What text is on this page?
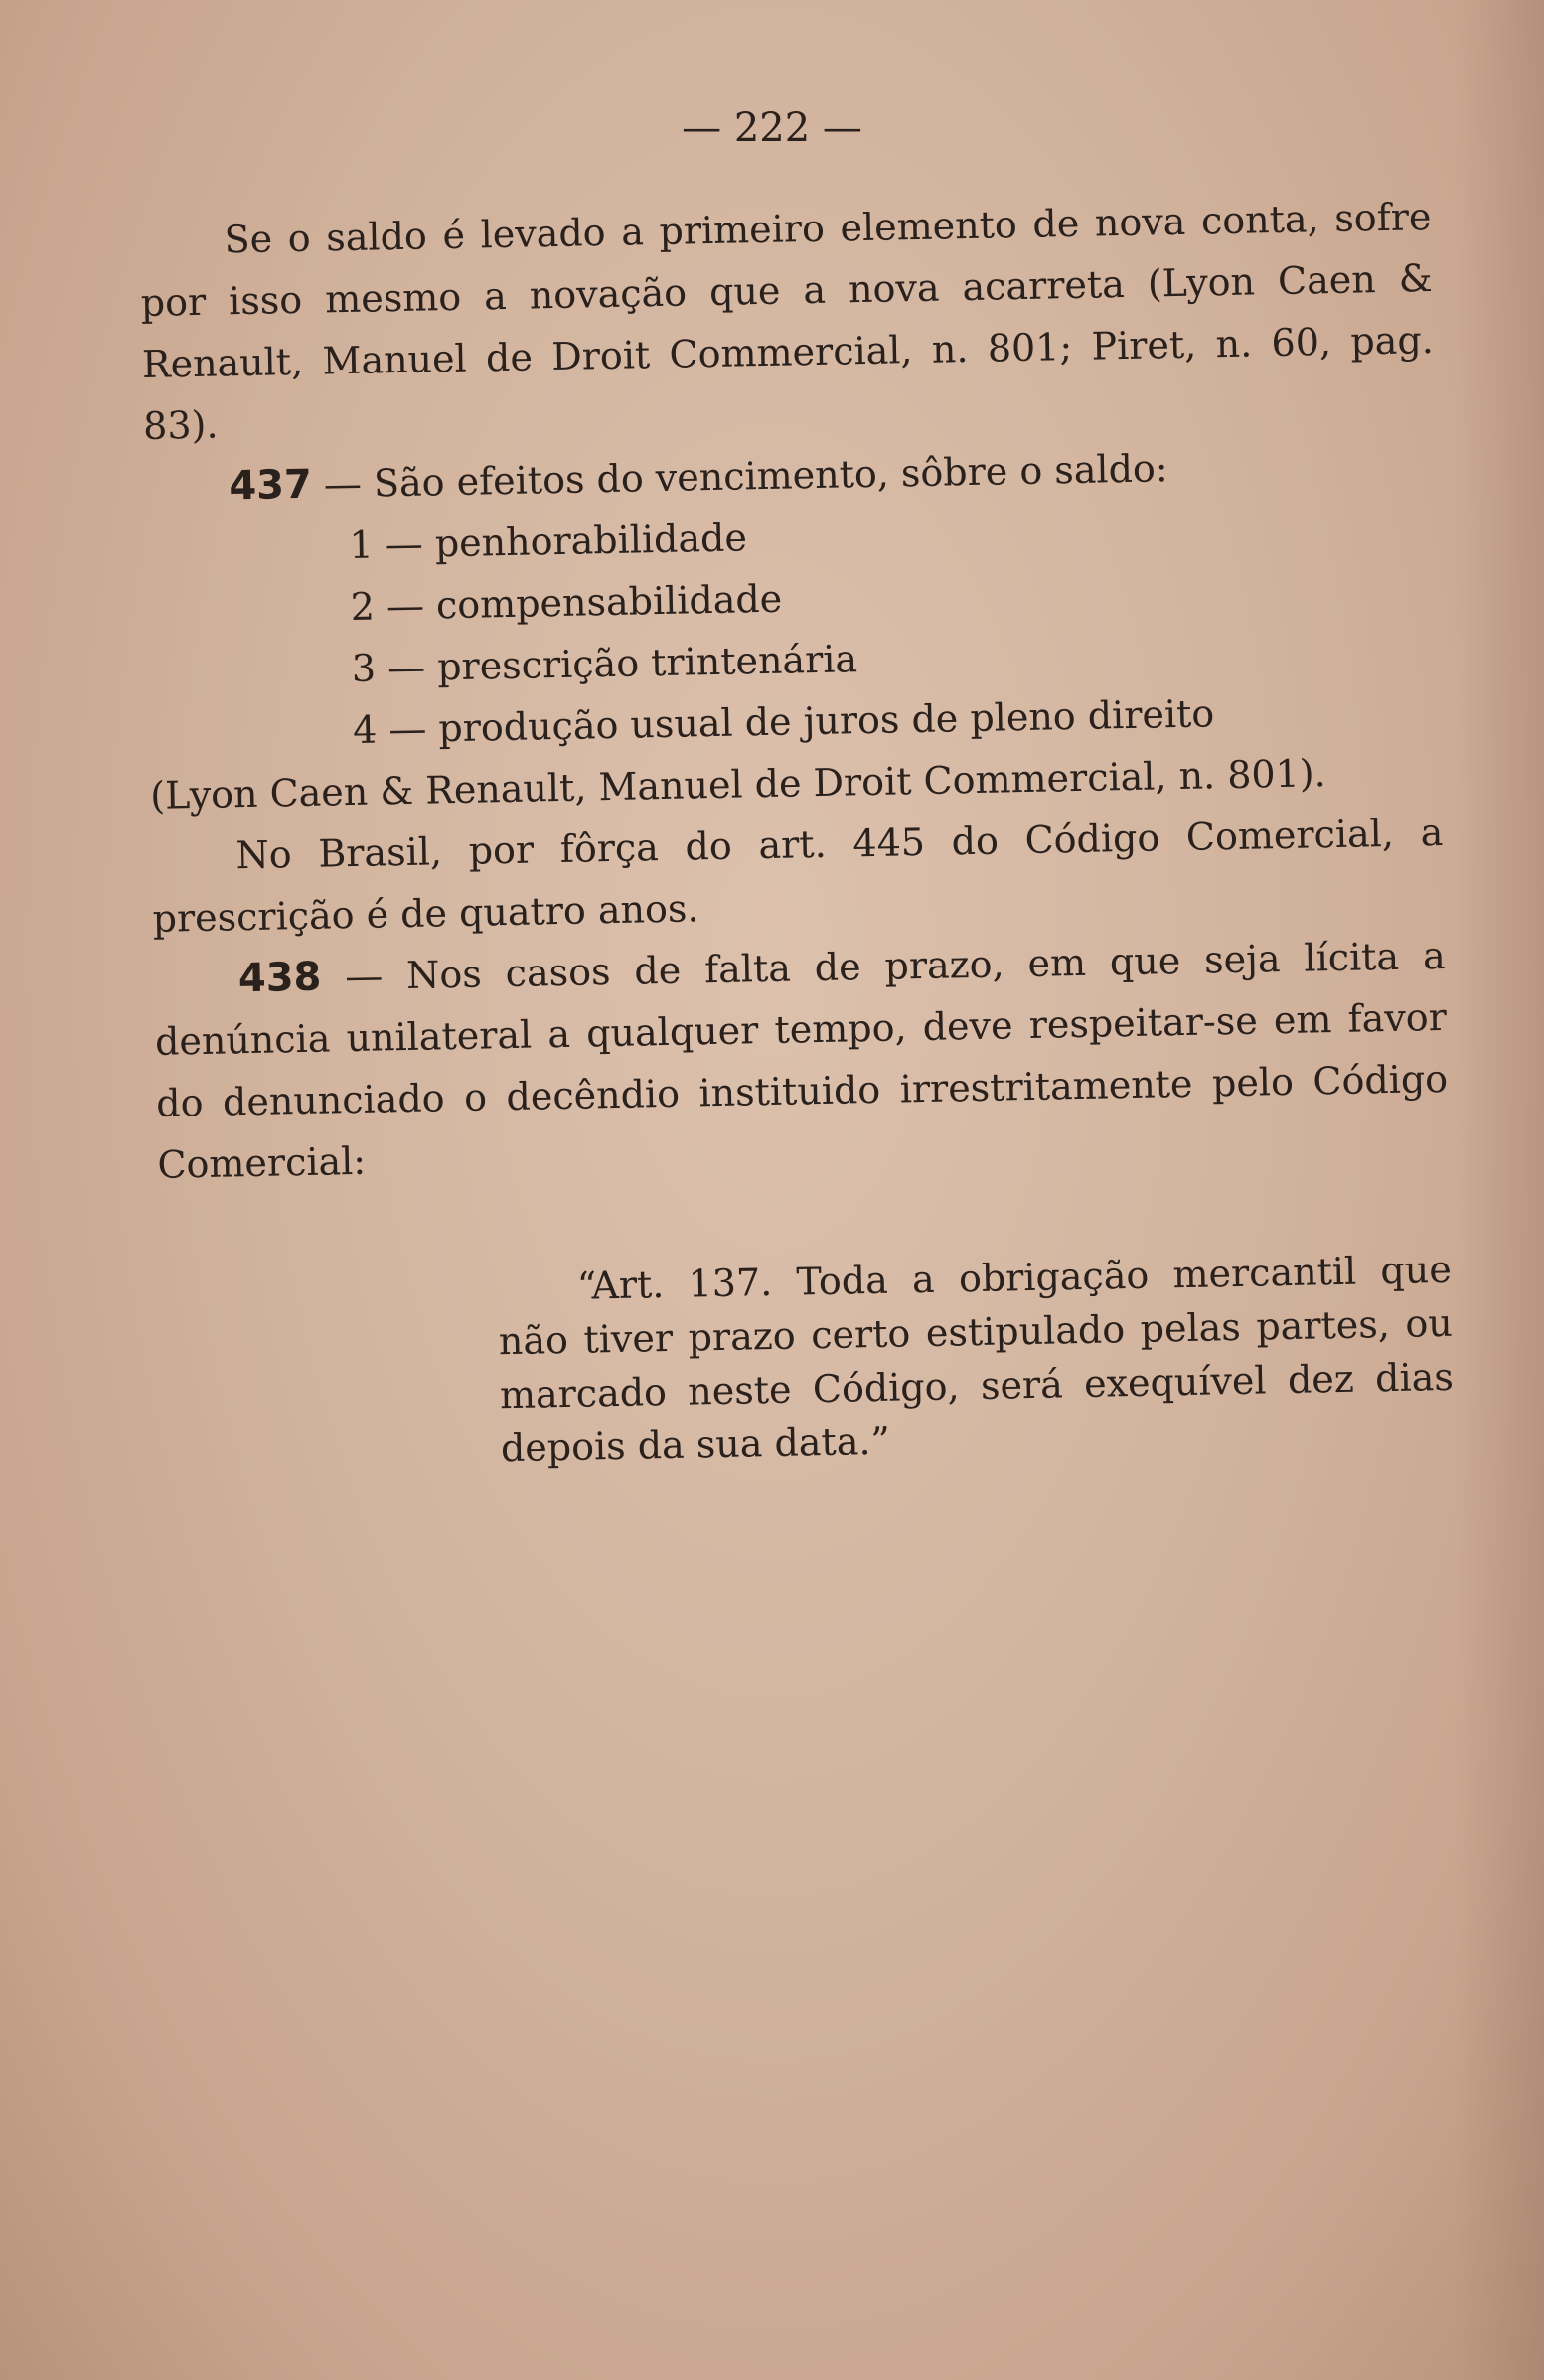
— 222 —

Se o saldo é levado a primeiro elemento de nova conta, sofre por isso mesmo a novação que a nova acarreta (Lyon Caen & Renault, Manuel de Droit Commercial, n. 801; Piret, n. 60, pag. 83).

437 — São efeitos do vencimento, sôbre o saldo:

1 — penhorabilidade
2 — compensabilidade
3 — prescrição trintenária
4 — produção usual de juros de pleno direito

(Lyon Caen & Renault, Manuel de Droit Commercial, n. 801).

No Brasil, por fôrça do art. 445 do Código Comercial, a prescrição é de quatro anos.

438 — Nos casos de falta de prazo, em que seja lícita a denúncia unilateral a qualquer tempo, deve respeitar-se em favor do denunciado o decêndio instituido irrestritamente pelo Código Comercial:

“Art. 137. Toda a obrigação mercantil que não tiver prazo certo estipulado pelas partes, ou marcado neste Código, será exequível dez dias depois da sua data.”
